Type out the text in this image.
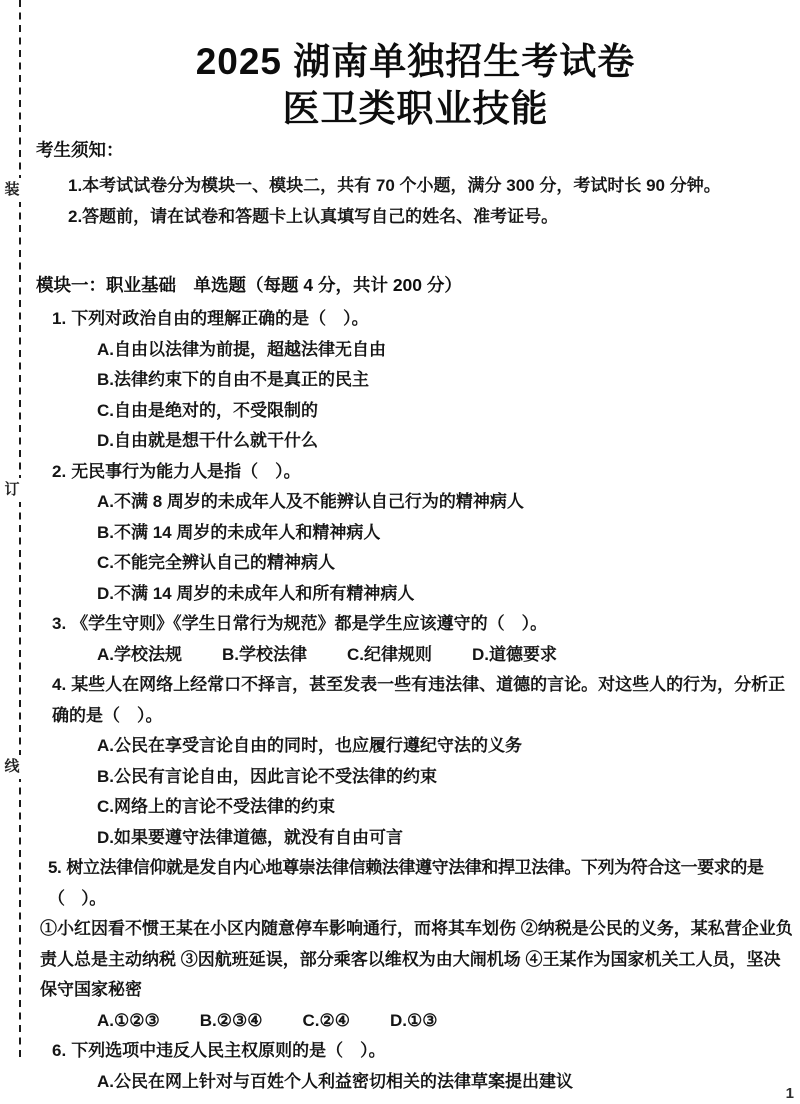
装
订
线
2025 湖南单独招生考试卷
医卫类职业技能
考生须知：
1.本考试试卷分为模块一、模块二，共有 70 个小题，满分 300 分，考试时长 90 分钟。
2.答题前，请在试卷和答题卡上认真填写自己的姓名、准考证号。
模块一：职业基础　单选题（每题 4 分，共计 200 分）
1. 下列对政治自由的理解正确的是（　）。
A.自由以法律为前提，超越法律无自由
B.法律约束下的自由不是真正的民主
C.自由是绝对的，不受限制的
D.自由就是想干什么就干什么
2. 无民事行为能力人是指（　）。
A.不满 8 周岁的未成年人及不能辨认自己行为的精神病人
B.不满 14 周岁的未成年人和精神病人
C.不能完全辨认自己的精神病人
D.不满 14 周岁的未成年人和所有精神病人
3. 《学生守则》《学生日常行为规范》都是学生应该遵守的（　）。
A.学校法规 B.学校法律 C.纪律规则 D.道德要求
4. 某些人在网络上经常口不择言，甚至发表一些有违法律、道德的言论。对这些人的行为，分析正确的是（　）。
A.公民在享受言论自由的同时，也应履行遵纪守法的义务
B.公民有言论自由，因此言论不受法律的约束
C.网络上的言论不受法律的约束
D.如果要遵守法律道德，就没有自由可言
5. 树立法律信仰就是发自内心地尊崇法律信赖法律遵守法律和捍卫法律。下列为符合这一要求的是（　）。
①小红因看不惯王某在小区内随意停车影响通行，而将其车划伤 ②纳税是公民的义务，某私营企业负责人总是主动纳税 ③因航班延误，部分乘客以维权为由大闹机场 ④王某作为国家机关工人员，坚决保守国家秘密
A.①②③ B.②③④ C.②④ D.①③
6. 下列选项中违反人民主权原则的是（　）。
A.公民在网上针对与百姓个人利益密切相关的法律草案提出建议
1
